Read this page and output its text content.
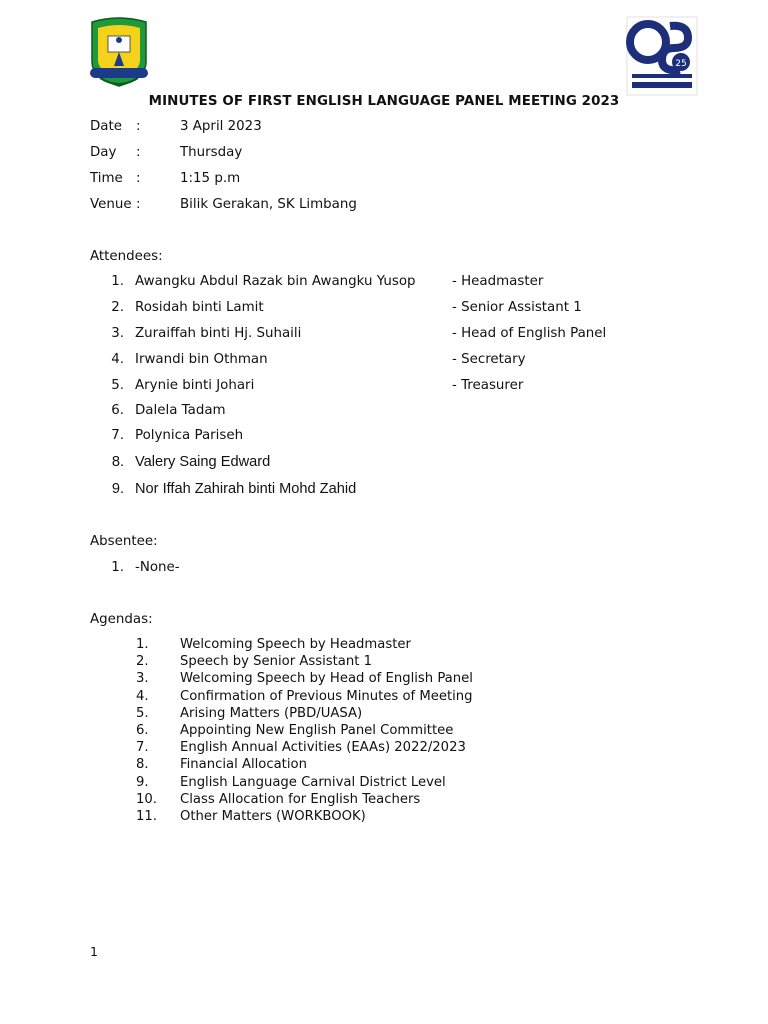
25
MINUTES OF FIRST ENGLISH LANGUAGE PANEL MEETING 2023
Date	:	3 April 2023
Day	:	Thursday
Time :	1:15 p.m
Venue :	Bilik Gerakan, SK Limbang
Attendees:
1. Awangku Abdul Razak bin Awangku Yusop	- Headmaster
2. Rosidah binti Lamit	- Senior Assistant 1
3. Zuraiffah binti Hj. Suhaili	- Head of English Panel
4. Irwandi bin Othman	- Secretary
5. Arynie binti Johari	- Treasurer
6. Dalela Tadam
7. Polynica Pariseh
8. Valery Saing Edward
9. Nor Iffah Zahirah binti Mohd Zahid
Absentee:
1. -None-
Agendas:
1. Welcoming Speech by Headmaster
2. Speech by Senior Assistant 1
3. Welcoming Speech by Head of English Panel
4. Confirmation of Previous Minutes of Meeting
5. Arising Matters (PBD/UASA)
6. Appointing New English Panel Committee
7. English Annual Activities (EAAs) 2022/2023
8. Financial Allocation
9. English Language Carnival District Level
10. Class Allocation for English Teachers
11. Other Matters (WORKBOOK)
1
